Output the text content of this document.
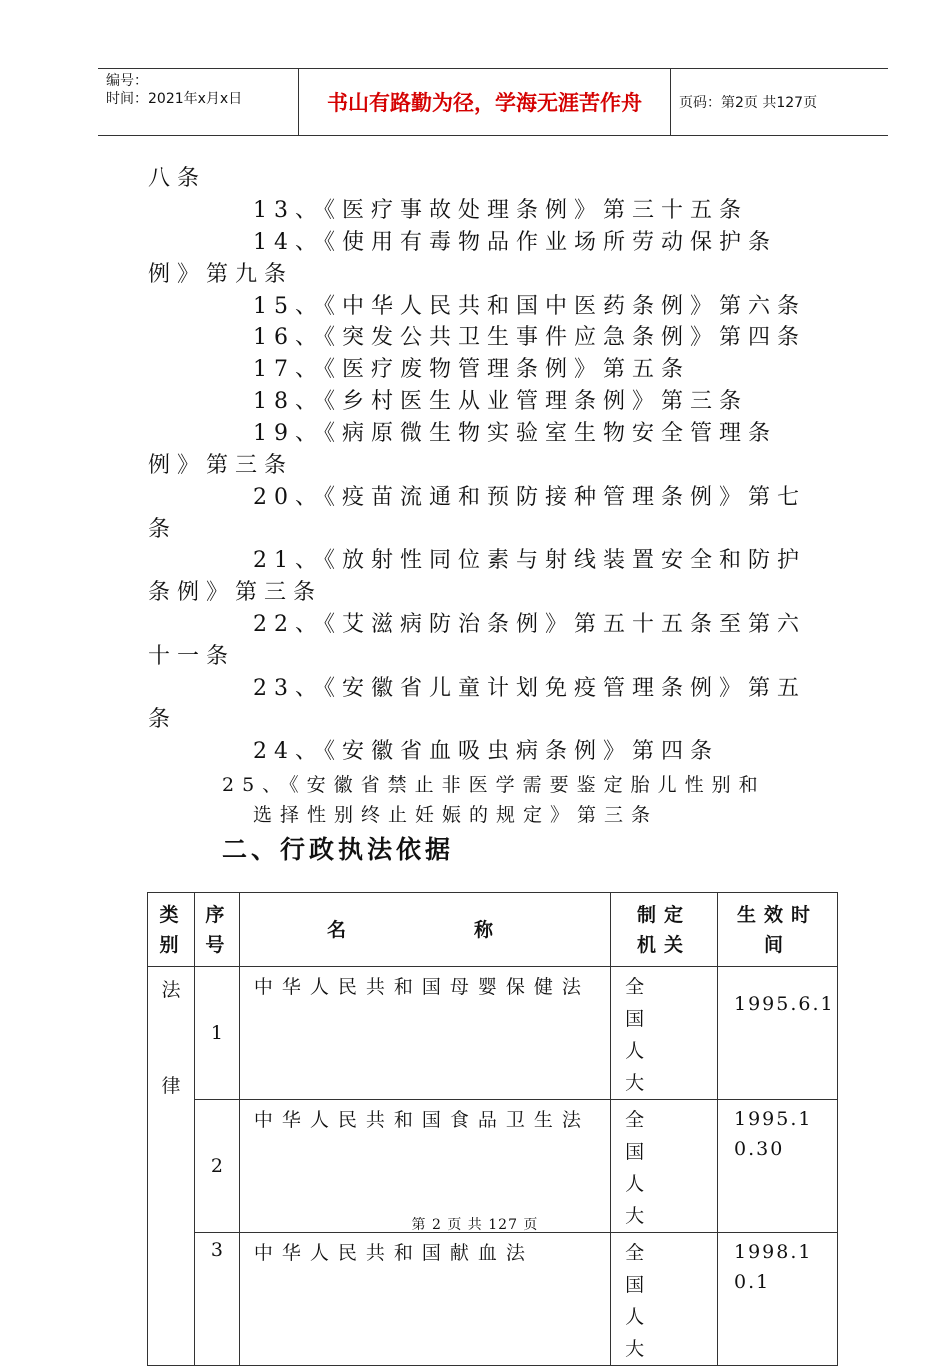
编号：
时间：2021年x月x日	书山有路勤为径，学海无涯苦作舟	页码：第2页 共127页
八条
13、《医疗事故处理条例》第三十五条
14、《使用有毒物品作业场所劳动保护条
例》第九条
15、《中华人民共和国中医药条例》第六条
16、《突发公共卫生事件应急条例》第四条
17、《医疗废物管理条例》第五条
18、《乡村医生从业管理条例》第三条
19、《病原微生物实验室生物安全管理条
例》第三条
20、《疫苗流通和预防接种管理条例》第七
条
21、《放射性同位素与射线装置安全和防护
条例》第三条
22、《艾滋病防治条例》第五十五条至第六
十一条
23、《安徽省儿童计划免疫管理条例》第五
条
24、《安徽省血吸虫病条例》第四条
25、《安徽省禁止非医学需要鉴定胎儿性别和
选择性别终止妊娠的规定》第三条
二、行政执法依据
类别	序号	名　　称	制定机关	生效时间

法
律	1	中华人民共和国母婴保健法	全国人大	1995.6.1

	2	中华人民共和国食品卫生法	全国人大	1995.10.30

	3	中华人民共和国献血法	全国人大	1998.10.1
第 2 页 共 127 页
